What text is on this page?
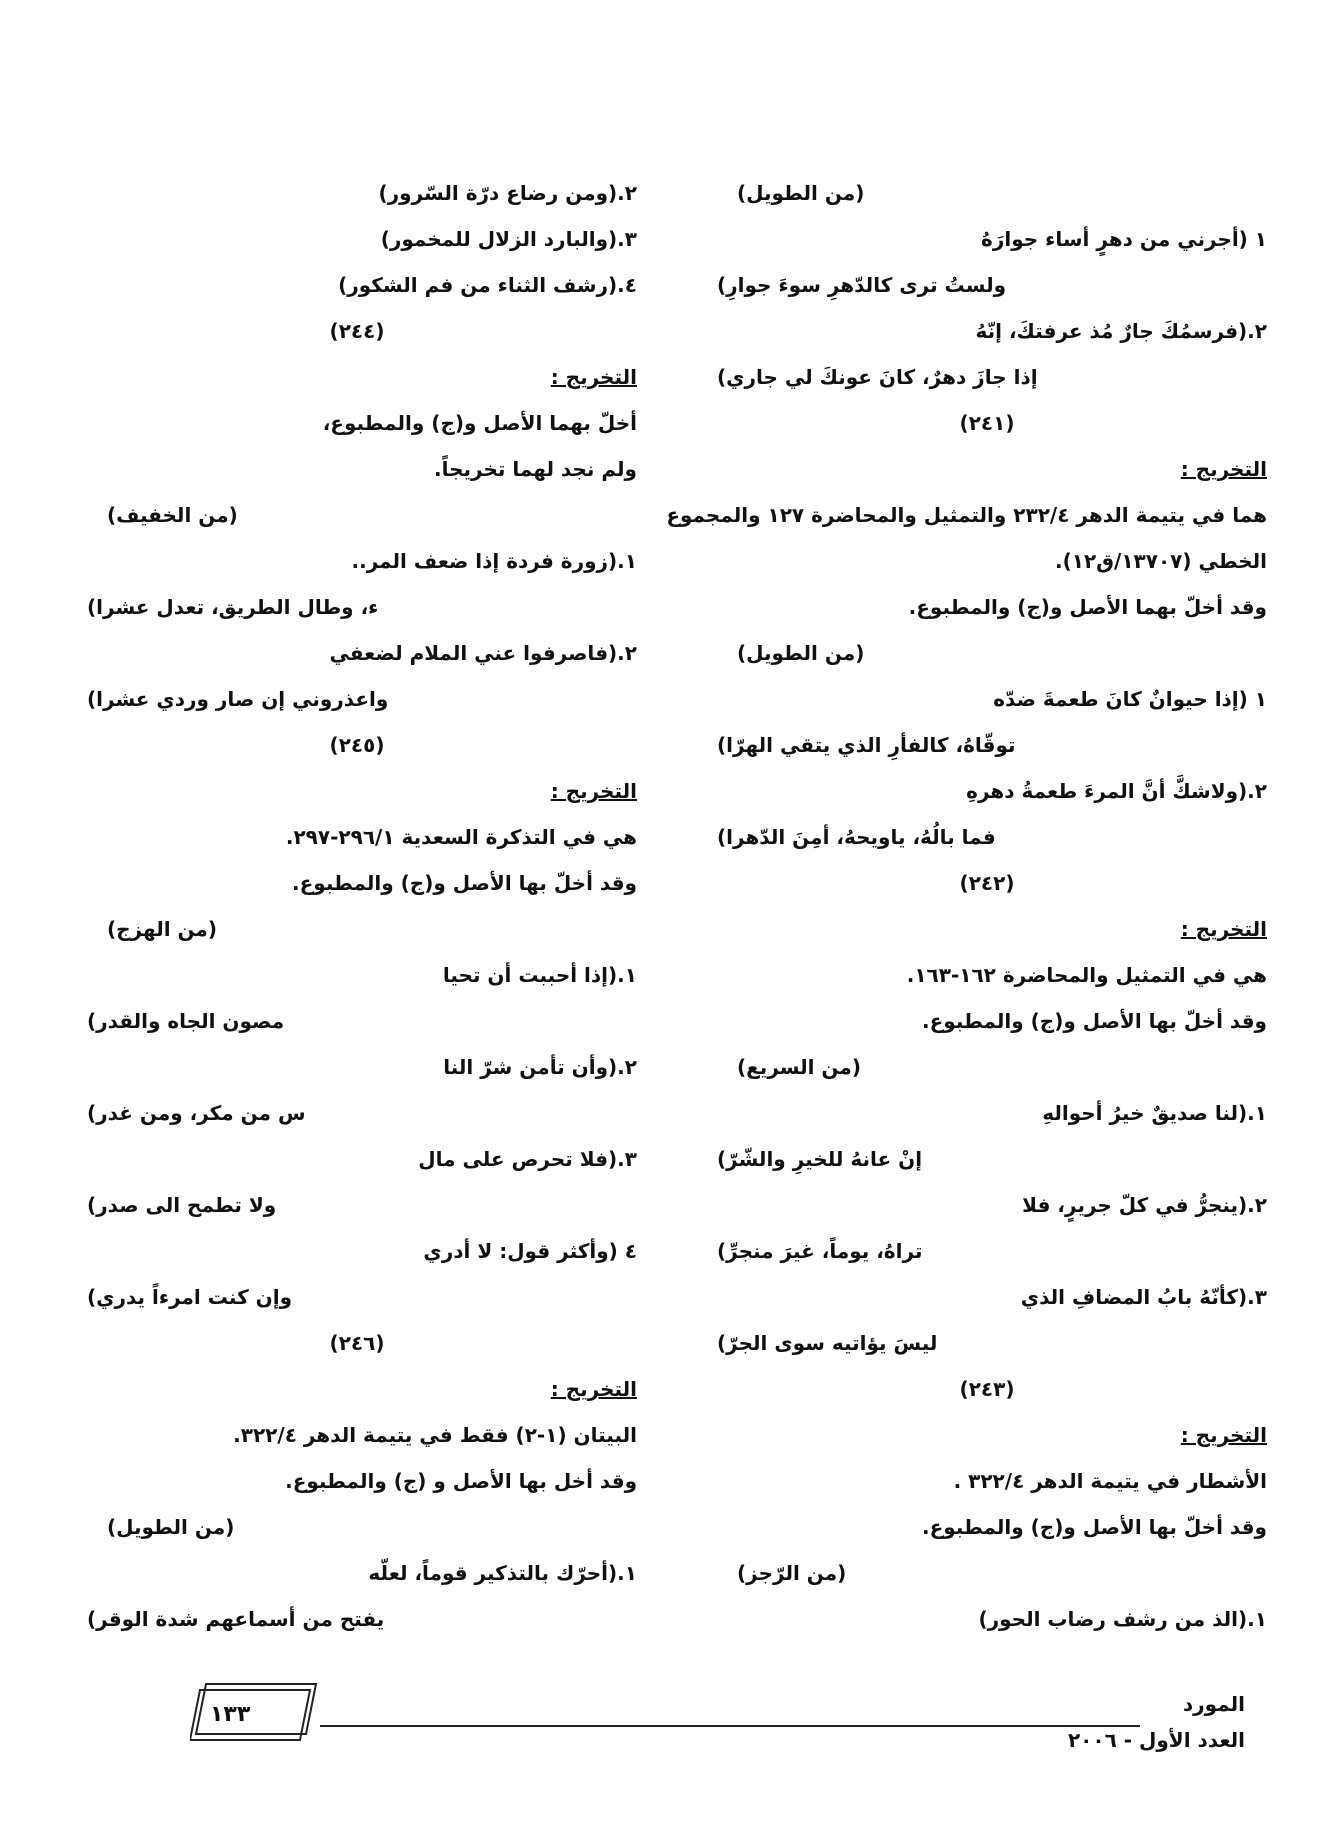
(من الطويل)
١ (أجرني من دهرٍ أساء جوارَهُ
ولستُ ترى كالدّهرِ سوءَ جوارِ)
٢.(فرسمُكَ جارٌ مُذ عرفتكَ، إنّهُ
إذا جازَ دهرٌ، كانَ عونكَ لي جاري)
(٢٤١)
التخريج :
هما في يتيمة الدهر ٢٣٢/٤ والتمثيل والمحاضرة ١٢٧ والمجموع
الخطي (١٣٧٠٧/ق١٢).
وقد أخلّ بهما الأصل و(ج) والمطبوع.
(من الطويل)
١ (إذا حيوانٌ كانَ طعمةَ ضدّه
توقّاهُ، كالفأرِ الذي يتقي الهرّا)
٢.(ولاشكَّ أنَّ المرءَ طعمةُ دهرهِ
فما بالُهُ، ياويحهُ، أمِنَ الدّهرا)
(٢٤٢)
التخريج :
هي في التمثيل والمحاضرة ١٦٢-١٦٣.
وقد أخلّ بها الأصل و(ج) والمطبوع.
(من السريع)
١.(لنا صديقٌ خيرُ أحوالهِ
إنْ عانهُ للخيرِ والشّرّ)
٢.(ينجرُّ في كلّ جريرٍ، فلا
تراهُ، يوماً، غيرَ منجرِّ)
٣.(كأنّهُ بابُ المضافِ الذي
ليسَ يؤاتيه سوى الجرّ)
(٢٤٣)
التخريج :
الأشطار في يتيمة الدهر ٣٢٢/٤ .
وقد أخلّ بها الأصل و(ج) والمطبوع.
(من الرّجز)
١.(الذ من رشف رضاب الحور)
٢.(ومن رضاع درّة السّرور)
٣.(والبارد الزلال للمخمور)
٤.(رشف الثناء من فم الشكور)
(٢٤٤)
التخريج :
أخلّ بهما الأصل و(ج) والمطبوع،
ولم نجد لهما تخريجاً.
(من الخفيف)
١.(زورة فردة إذا ضعف المر..
ء، وطال الطريق، تعدل عشرا)
٢.(فاصرفوا عني الملام لضعفي
واعذروني إن صار وردي عشرا)
(٢٤٥)
التخريج :
هي في التذكرة السعدية ٢٩٦/١-٢٩٧.
وقد أخلّ بها الأصل و(ج) والمطبوع.
(من الهزج)
١.(إذا أحببت أن تحيا
مصون الجاه والقدر)
٢.(وأن تأمن شرّ النا
س من مكر، ومن غدر)
٣.(فلا تحرص على مال
ولا تطمح الى صدر)
٤ (وأكثر قول: لا أدري
وإن كنت امرءاً يدري)
(٢٤٦)
التخريج :
البيتان (١-٢) فقط في يتيمة الدهر ٣٢٢/٤.
وقد أخل بها الأصل و (ج) والمطبوع.
(من الطويل)
١.(أحرّك بالتذكير قوماً، لعلّه
يفتح من أسماعهم شدة الوقر)
١٣٣	المورد
العدد الأول - ٢٠٠٦
